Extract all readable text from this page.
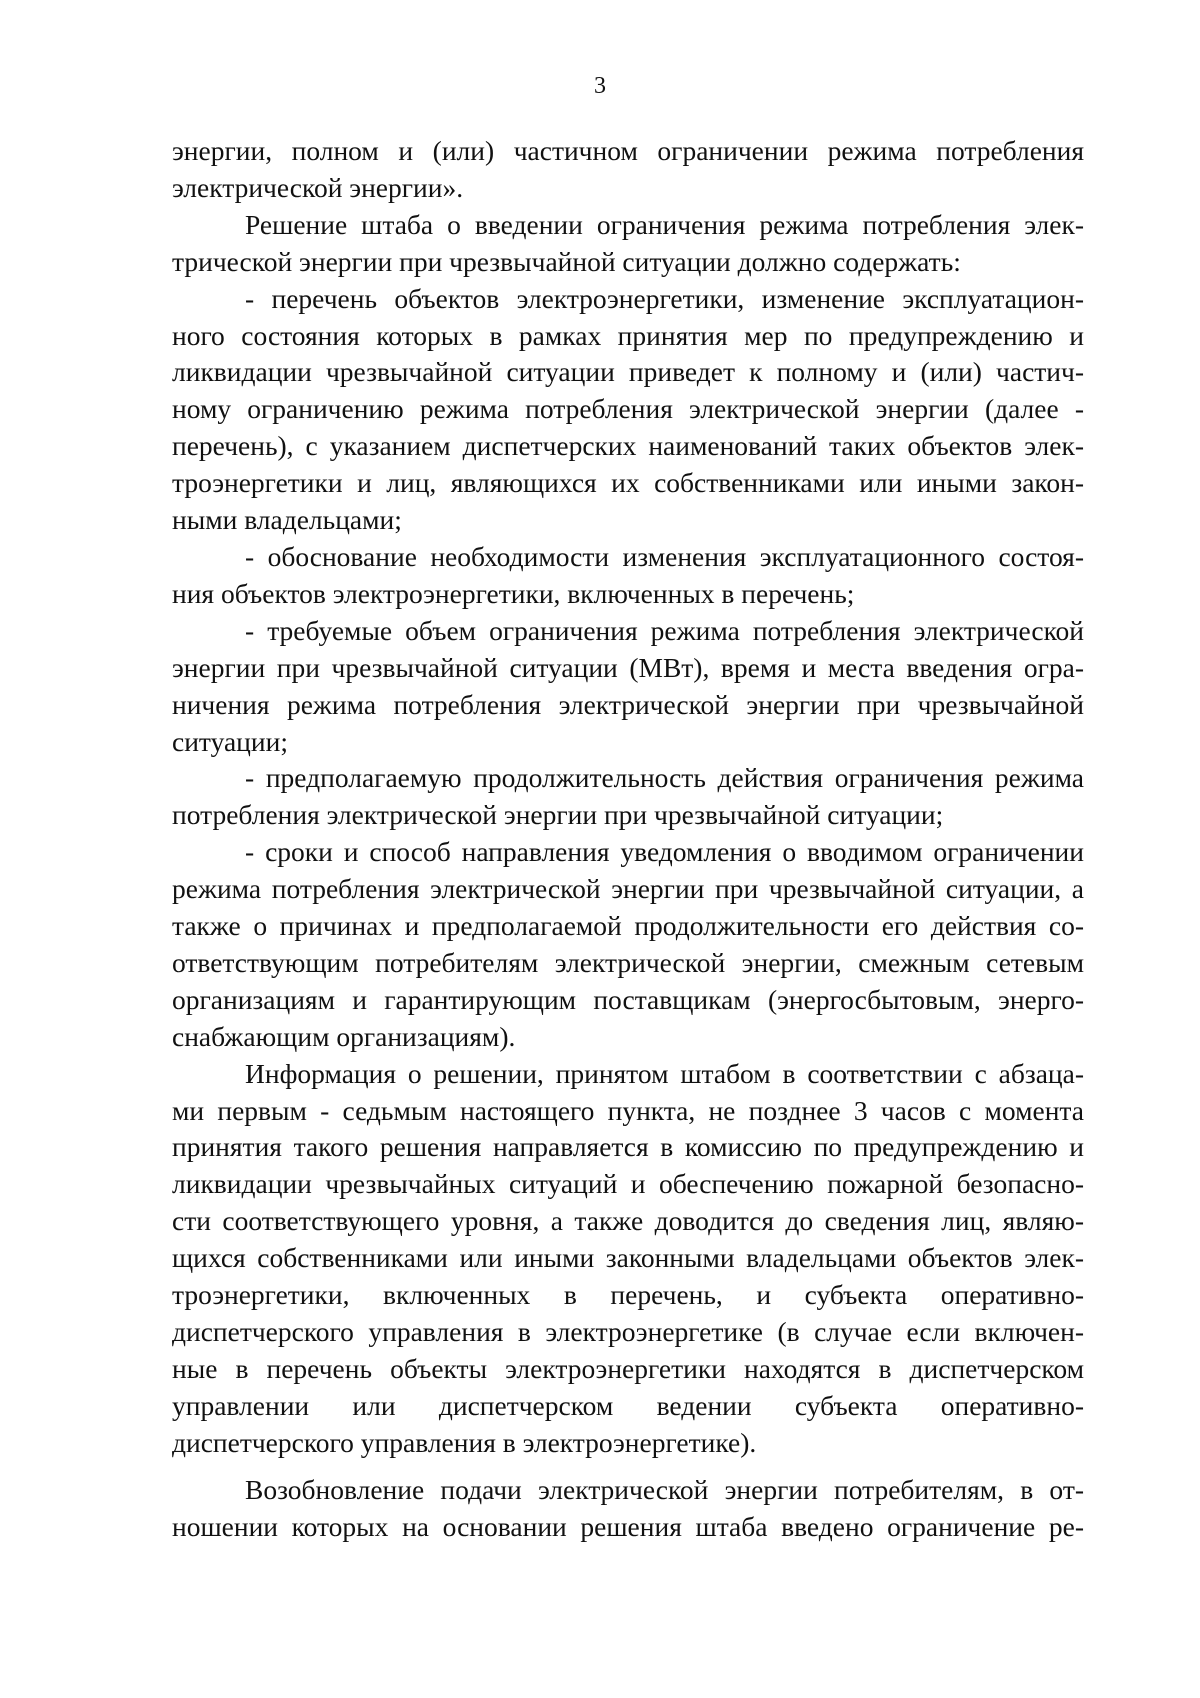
3
энергии, полном и (или) частичном ограничении режима потребления
электрической энергии».
Решение штаба о введении ограничения режима потребления элек-
трической энергии при чрезвычайной ситуации должно содержать:
- перечень объектов электроэнергетики, изменение эксплуатацион-
ного состояния которых в рамках принятия мер по предупреждению и
ликвидации чрезвычайной ситуации приведет к полному и (или) частич-
ному ограничению режима потребления электрической энергии (далее -
перечень), с указанием диспетчерских наименований таких объектов элек-
троэнергетики и лиц, являющихся их собственниками или иными закон-
ными владельцами;
- обоснование необходимости изменения эксплуатационного состоя-
ния объектов электроэнергетики, включенных в перечень;
- требуемые объем ограничения режима потребления электрической
энергии при чрезвычайной ситуации (МВт), время и места введения огра-
ничения режима потребления электрической энергии при чрезвычайной
ситуации;
- предполагаемую продолжительность действия ограничения режима
потребления электрической энергии при чрезвычайной ситуации;
- сроки и способ направления уведомления о вводимом ограничении
режима потребления электрической энергии при чрезвычайной ситуации, а
также о причинах и предполагаемой продолжительности его действия со-
ответствующим потребителям электрической энергии, смежным сетевым
организациям и гарантирующим поставщикам (энергосбытовым, энерго-
снабжающим организациям).
Информация о решении, принятом штабом в соответствии с абзаца-
ми первым - седьмым настоящего пункта, не позднее 3 часов с момента
принятия такого решения направляется в комиссию по предупреждению и
ликвидации чрезвычайных ситуаций и обеспечению пожарной безопасно-
сти соответствующего уровня, а также доводится до сведения лиц, являю-
щихся собственниками или иными законными владельцами объектов элек-
троэнергетики, включенных в перечень, и субъекта оперативно-
диспетчерского управления в электроэнергетике (в случае если включен-
ные в перечень объекты электроэнергетики находятся в диспетчерском
управлении или диспетчерском ведении субъекта оперативно-
диспетчерского управления в электроэнергетике).
Возобновление подачи электрической энергии потребителям, в от-
ношении которых на основании решения штаба введено ограничение ре-
